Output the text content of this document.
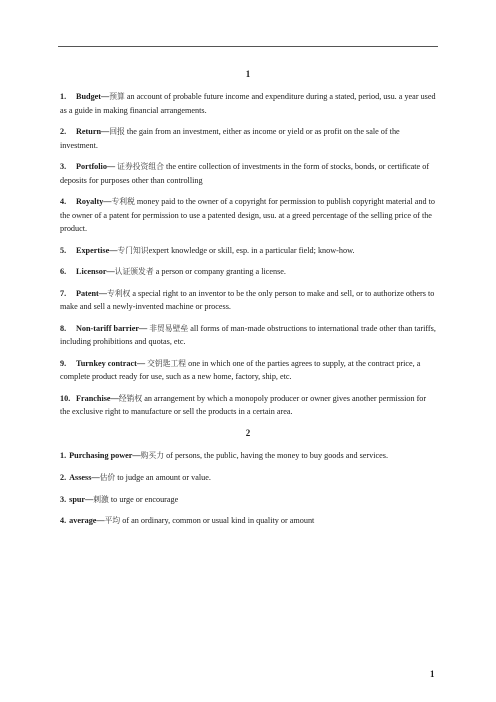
1
1. Budget—预算 an account of probable future income and expenditure during a stated, period, usu. a year used as a guide in making financial arrangements.
2. Return—回报 the gain from an investment, either as income or yield or as profit on the sale of the investment.
3. Portfolio— 证券投资组合 the entire collection of investments in the form of stocks, bonds, or certificate of deposits for purposes other than controlling
4. Royalty—专利税 money paid to the owner of a copyright for permission to publish copyright material and to the owner of a patent for permission to use a patented design, usu. at a greed percentage of the selling price of the product.
5. Expertise—专门知识expert knowledge or skill, esp. in a particular field; know-how.
6. Licensor—认证颁发者 a person or company granting a license.
7. Patent—专利权 a special right to an inventor to be the only person to make and sell, or to authorize others to make and sell a newly-invented machine or process.
8. Non-tariff barrier— 非贸易壁垒 all forms of man-made obstructions to international trade other than tariffs, including prohibitions and quotas, etc.
9. Turnkey contract— 交钥匙工程 one in which one of the parties agrees to supply, at the contract price, a complete product ready for use, such as a new home, factory, ship, etc.
10. Franchise—经销权 an arrangement by which a monopoly producer or owner gives another permission for the exclusive right to manufacture or sell the products in a certain area.
2
1. Purchasing power—购买力 of persons, the public, having the money to buy goods and services.
2. Assess—估价 to judge an amount or value.
3. spur—刺激 to urge or encourage
4. average—平均 of an ordinary, common or usual kind in quality or amount
1
